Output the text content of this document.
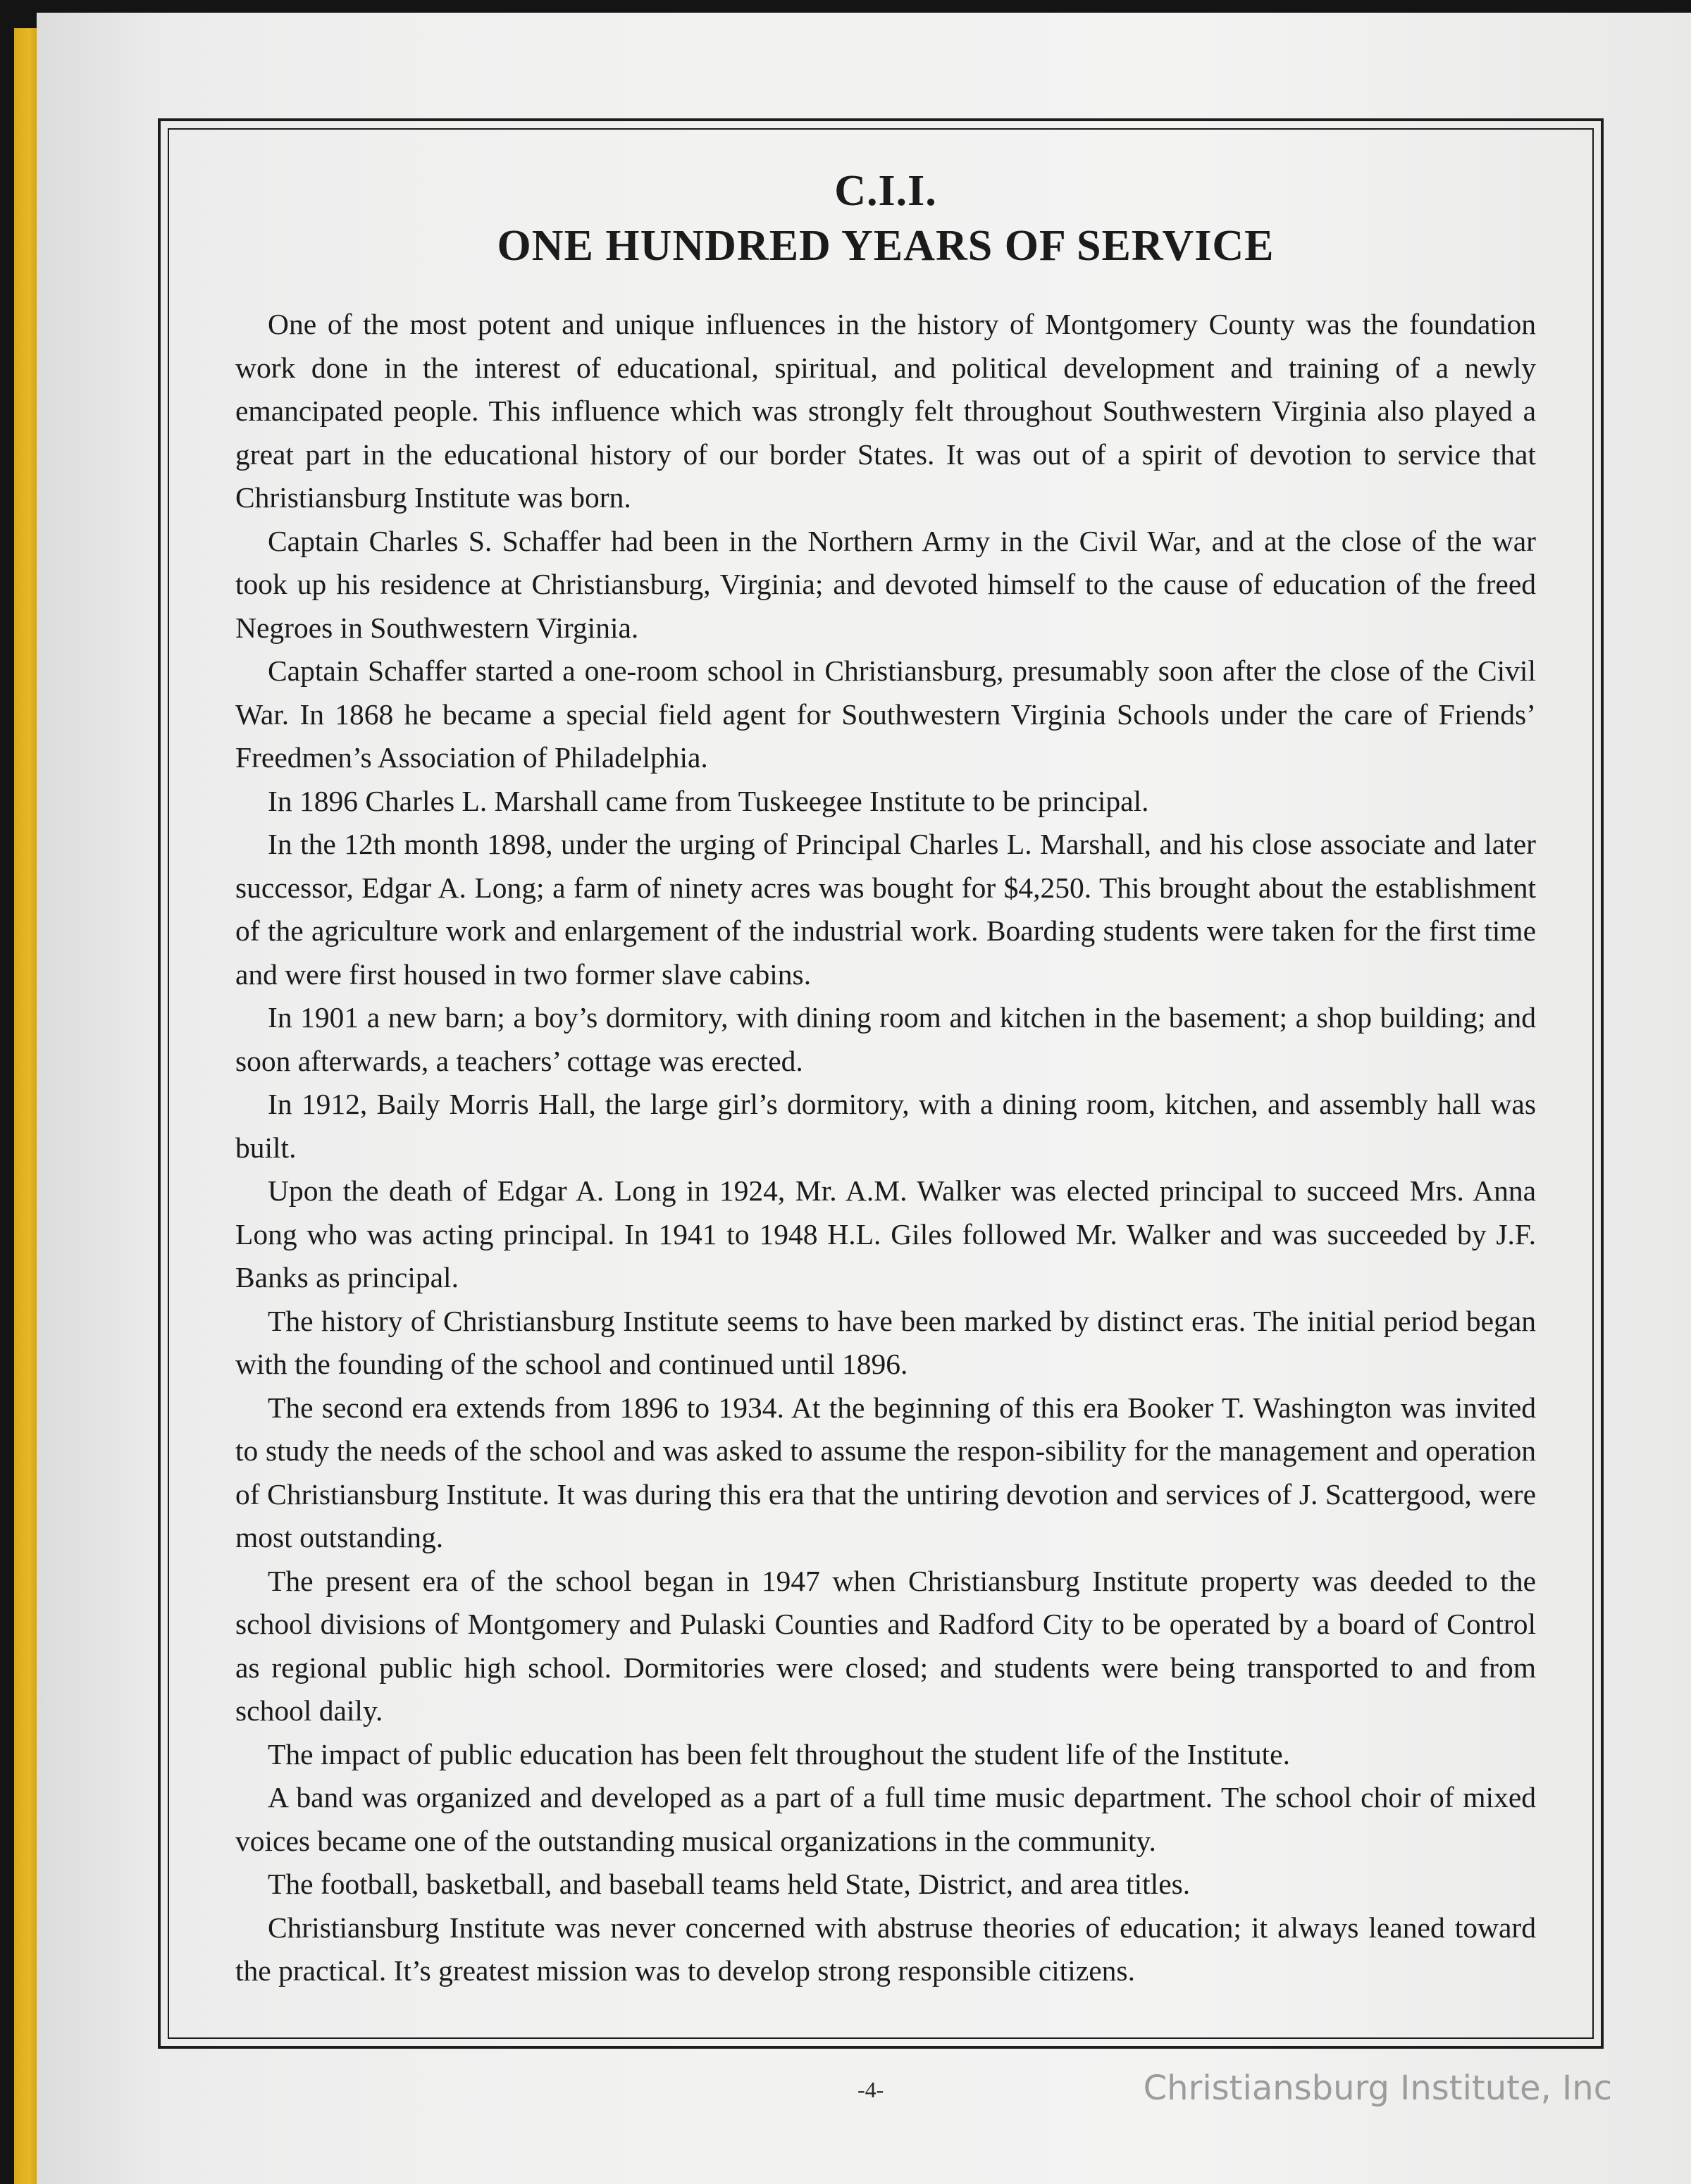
C.I.I.
ONE HUNDRED YEARS OF SERVICE

One of the most potent and unique influences in the history of Montgomery County was the foundation work done in the interest of educational, spiritual, and political development and training of a newly emancipated people. This influence which was strongly felt throughout Southwestern Virginia also played a great part in the educational history of our border States. It was out of a spirit of devotion to service that Christiansburg Institute was born.

Captain Charles S. Schaffer had been in the Northern Army in the Civil War, and at the close of the war took up his residence at Christiansburg, Virginia; and devoted himself to the cause of education of the freed Negroes in Southwestern Virginia.

Captain Schaffer started a one-room school in Christiansburg, presumably soon after the close of the Civil War. In 1868 he became a special field agent for Southwestern Virginia Schools under the care of Friends’ Freedmen’s Association of Philadelphia.

In 1896 Charles L. Marshall came from Tuskeegee Institute to be principal.

In the 12th month 1898, under the urging of Principal Charles L. Marshall, and his close associate and later successor, Edgar A. Long; a farm of ninety acres was bought for $4,250. This brought about the establishment of the agriculture work and enlargement of the industrial work. Boarding students were taken for the first time and were first housed in two former slave cabins.

In 1901 a new barn; a boy’s dormitory, with dining room and kitchen in the basement; a shop building; and soon afterwards, a teachers’ cottage was erected.

In 1912, Baily Morris Hall, the large girl’s dormitory, with a dining room, kitchen, and assembly hall was built.

Upon the death of Edgar A. Long in 1924, Mr. A.M. Walker was elected principal to succeed Mrs. Anna Long who was acting principal. In 1941 to 1948 H.L. Giles followed Mr. Walker and was succeeded by J.F. Banks as principal.

The history of Christiansburg Institute seems to have been marked by distinct eras. The initial period began with the founding of the school and continued until 1896.

The second era extends from 1896 to 1934. At the beginning of this era Booker T. Washington was invited to study the needs of the school and was asked to assume the respon-sibility for the management and operation of Christiansburg Institute. It was during this era that the untiring devotion and services of J. Scattergood, were most outstanding.

The present era of the school began in 1947 when Christiansburg Institute property was deeded to the school divisions of Montgomery and Pulaski Counties and Radford City to be operated by a board of Control as regional public high school. Dormitories were closed; and students were being transported to and from school daily.

The impact of public education has been felt throughout the student life of the Institute.

A band was organized and developed as a part of a full time music department. The school choir of mixed voices became one of the outstanding musical organizations in the community.

The football, basketball, and baseball teams held State, District, and area titles.

Christiansburg Institute was never concerned with abstruse theories of education; it always leaned toward the practical. It’s greatest mission was to develop strong responsible citizens.

-4-	Christiansburg Institute, Inc
